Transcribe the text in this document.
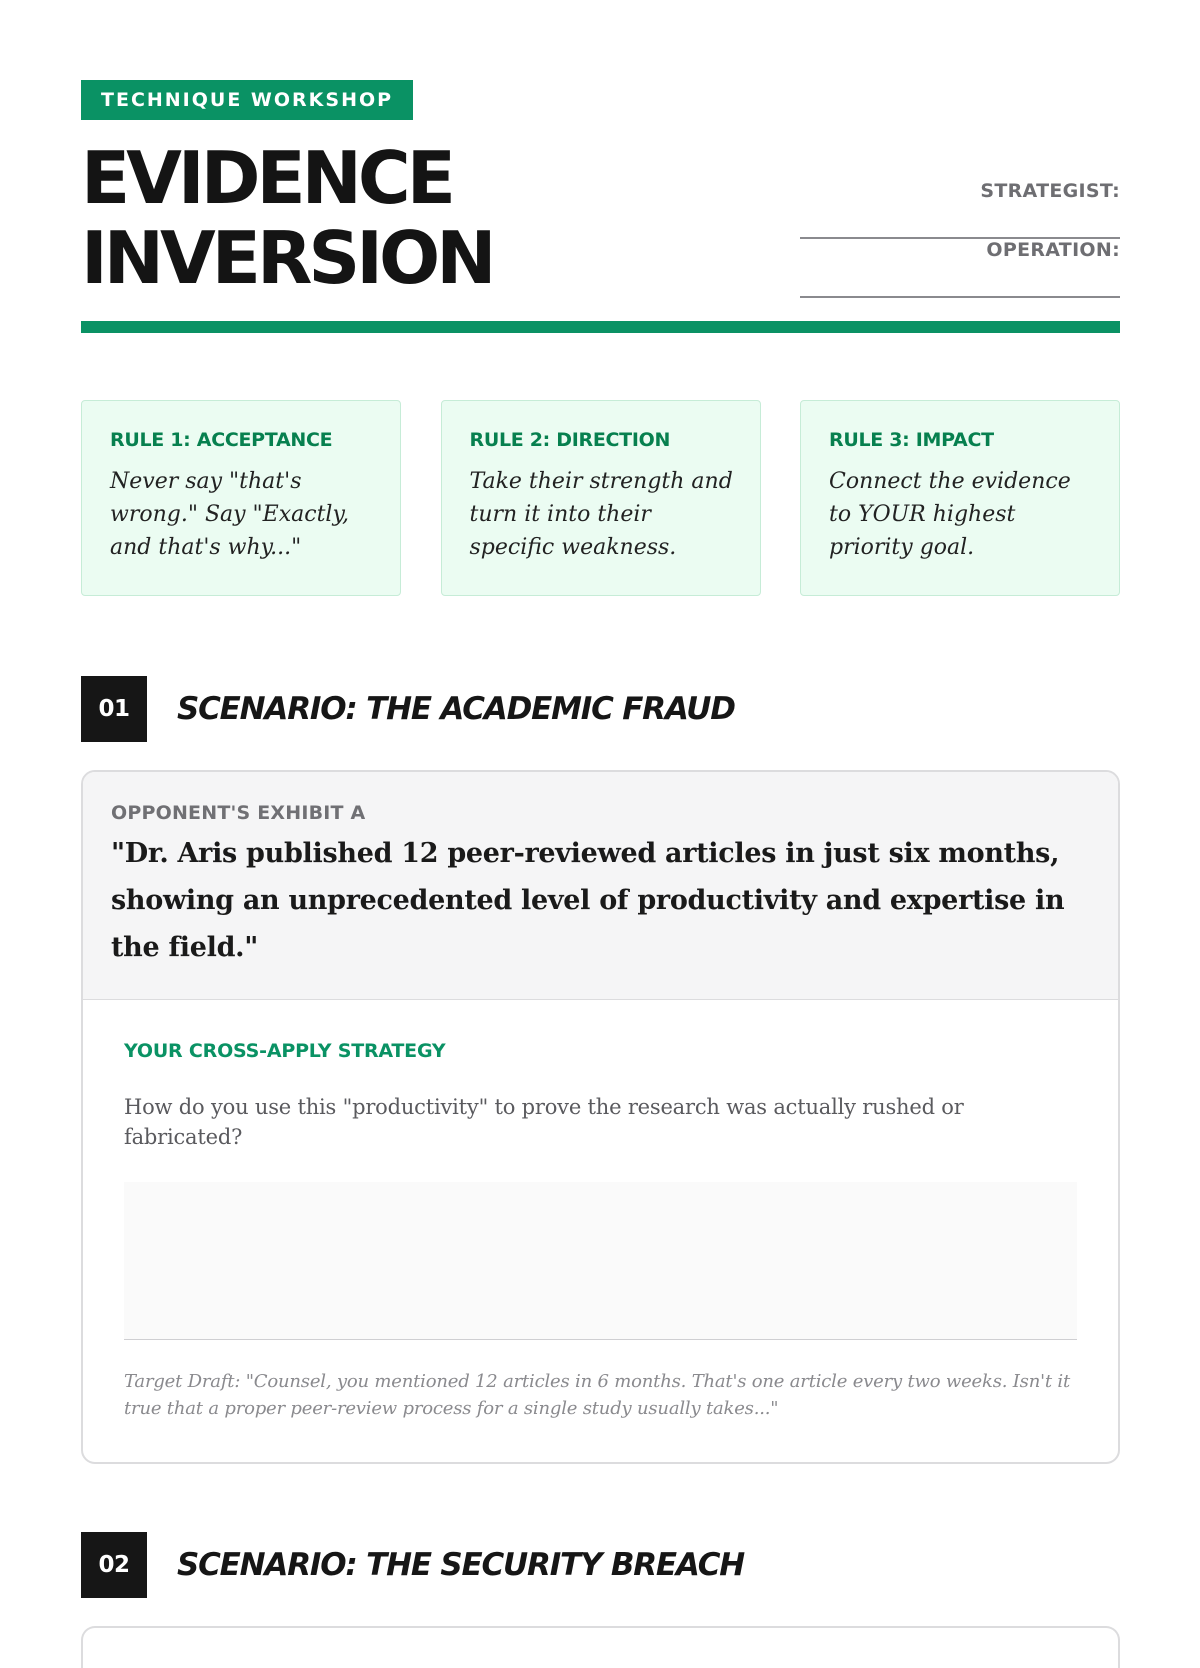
TECHNIQUE WORKSHOP
EVIDENCE
INVERSION
STRATEGIST:
OPERATION:
RULE 1: ACCEPTANCE
Never say "that's wrong." Say "Exactly, and that's why..."
RULE 2: DIRECTION
Take their strength and turn it into their specific weakness.
RULE 3: IMPACT
Connect the evidence to YOUR highest priority goal.
01	SCENARIO: THE ACADEMIC FRAUD
OPPONENT'S EXHIBIT A
"Dr. Aris published 12 peer-reviewed articles in just six months, showing an unprecedented level of productivity and expertise in the field."
YOUR CROSS-APPLY STRATEGY
How do you use this "productivity" to prove the research was actually rushed or fabricated?
Target Draft: "Counsel, you mentioned 12 articles in 6 months. That's one article every two weeks. Isn't it true that a proper peer-review process for a single study usually takes..."
02	SCENARIO: THE SECURITY BREACH
